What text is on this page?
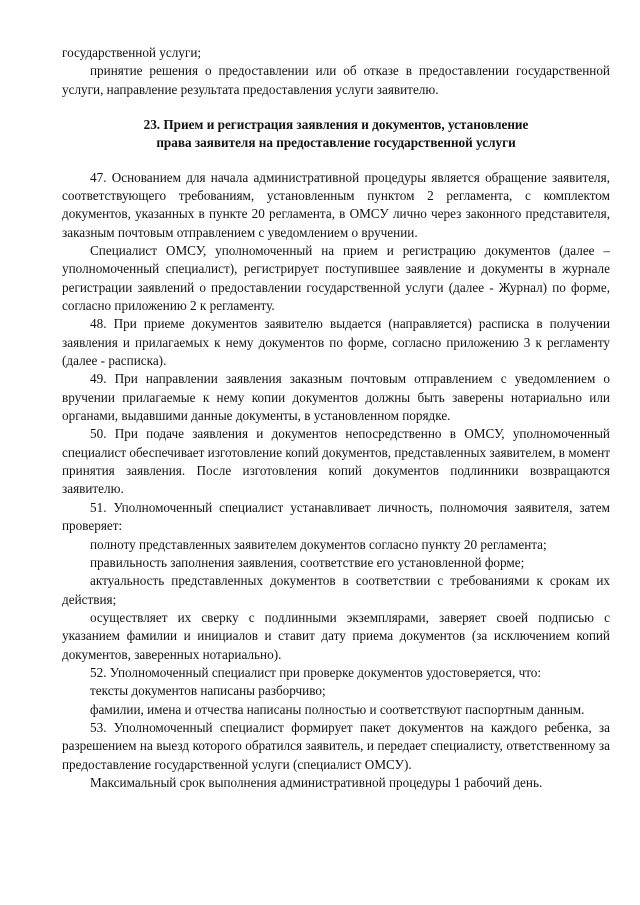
государственной услуги;

принятие решения о предоставлении или об отказе в предоставлении государственной услуги, направление результата предоставления услуги заявителю.

23. Прием и регистрация заявления и документов, установление
права заявителя на предоставление государственной услуги

47. Основанием для начала административной процедуры является обращение заявителя, соответствующего требованиям, установленным пунктом 2 регламента, с комплектом документов, указанных в пункте 20 регламента, в ОМСУ лично через законного представителя, заказным почтовым отправлением с уведомлением о вручении.

Специалист ОМСУ, уполномоченный на прием и регистрацию документов (далее – уполномоченный специалист), регистрирует поступившее заявление и документы в журнале регистрации заявлений о предоставлении государственной услуги (далее - Журнал) по форме, согласно приложению 2 к регламенту.

48. При приеме документов заявителю выдается (направляется) расписка в получении заявления и прилагаемых к нему документов по форме, согласно приложению 3 к регламенту (далее - расписка).

49. При направлении заявления заказным почтовым отправлением с уведомлением о вручении прилагаемые к нему копии документов должны быть заверены нотариально или органами, выдавшими данные документы, в установленном порядке.

50. При подаче заявления и документов непосредственно в ОМСУ, уполномоченный специалист обеспечивает изготовление копий документов, представленных заявителем, в момент принятия заявления. После изготовления копий документов подлинники возвращаются заявителю.

51. Уполномоченный специалист устанавливает личность, полномочия заявителя, затем проверяет:

полноту представленных заявителем документов согласно пункту 20 регламента;

правильность заполнения заявления, соответствие его установленной форме;

актуальность представленных документов в соответствии с требованиями к срокам их действия;

осуществляет их сверку с подлинными экземплярами, заверяет своей подписью с указанием фамилии и инициалов и ставит дату приема документов (за исключением копий документов, заверенных нотариально).

52. Уполномоченный специалист при проверке документов удостоверяется, что:

тексты документов написаны разборчиво;

фамилии, имена и отчества написаны полностью и соответствуют паспортным данным.

53. Уполномоченный специалист формирует пакет документов на каждого ребенка, за разрешением на выезд которого обратился заявитель, и передает специалисту, ответственному за предоставление государственной услуги (специалист ОМСУ).

Максимальный срок выполнения административной процедуры 1 рабочий день.
